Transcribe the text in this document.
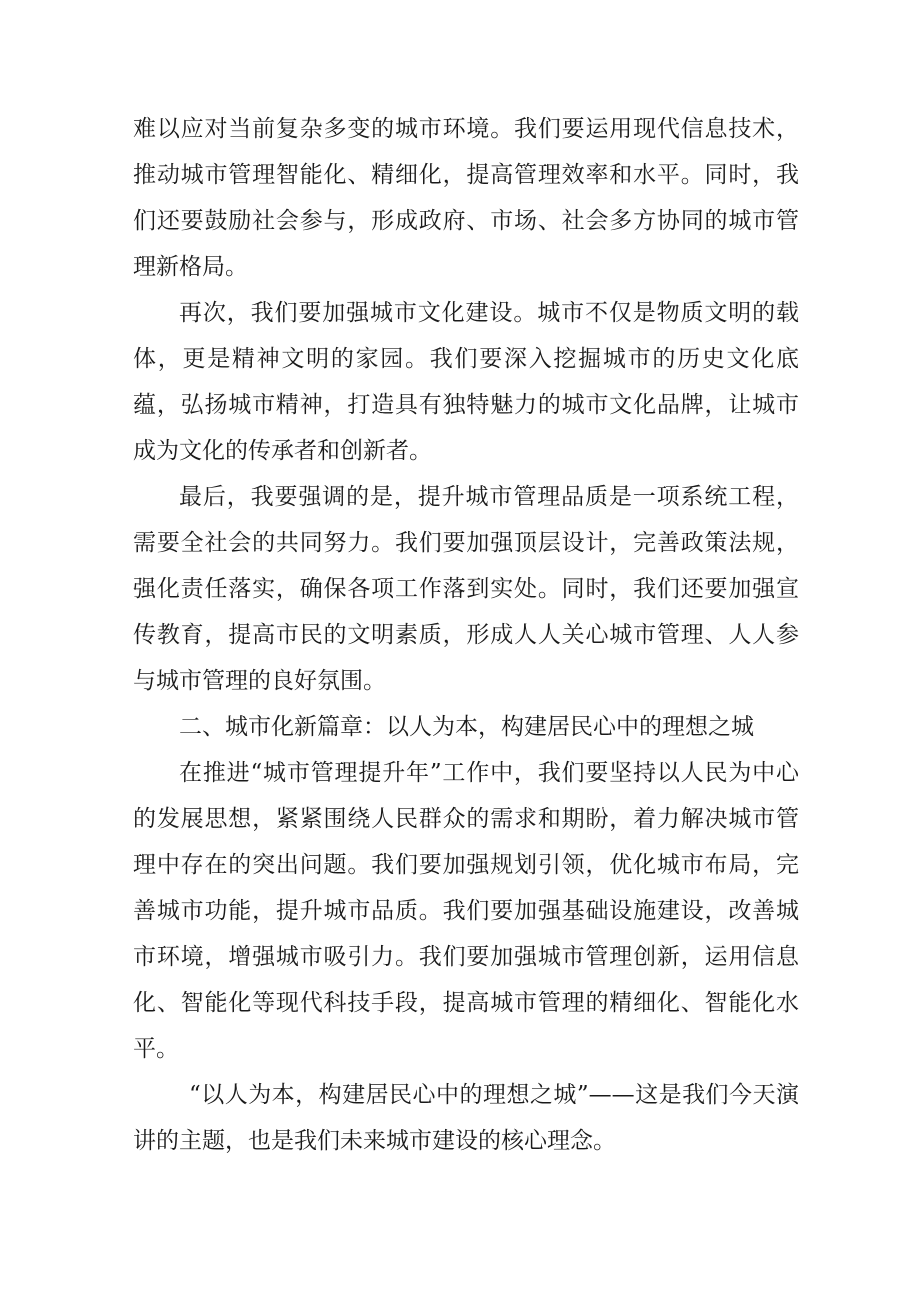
难以应对当前复杂多变的城市环境。我们要运用现代信息技术，推动城市管理智能化、精细化，提高管理效率和水平。同时，我们还要鼓励社会参与，形成政府、市场、社会多方协同的城市管理新格局。

再次，我们要加强城市文化建设。城市不仅是物质文明的载体，更是精神文明的家园。我们要深入挖掘城市的历史文化底蕴，弘扬城市精神，打造具有独特魅力的城市文化品牌，让城市成为文化的传承者和创新者。

最后，我要强调的是，提升城市管理品质是一项系统工程，需要全社会的共同努力。我们要加强顶层设计，完善政策法规，强化责任落实，确保各项工作落到实处。同时，我们还要加强宣传教育，提高市民的文明素质，形成人人关心城市管理、人人参与城市管理的良好氛围。

二、城市化新篇章：以人为本，构建居民心中的理想之城

在推进“城市管理提升年”工作中，我们要坚持以人民为中心的发展思想，紧紧围绕人民群众的需求和期盼，着力解决城市管理中存在的突出问题。我们要加强规划引领，优化城市布局，完善城市功能，提升城市品质。我们要加强基础设施建设，改善城市环境，增强城市吸引力。我们要加强城市管理创新，运用信息化、智能化等现代科技手段，提高城市管理的精细化、智能化水平。

“以人为本，构建居民心中的理想之城”——这是我们今天演讲的主题，也是我们未来城市建设的核心理念。
